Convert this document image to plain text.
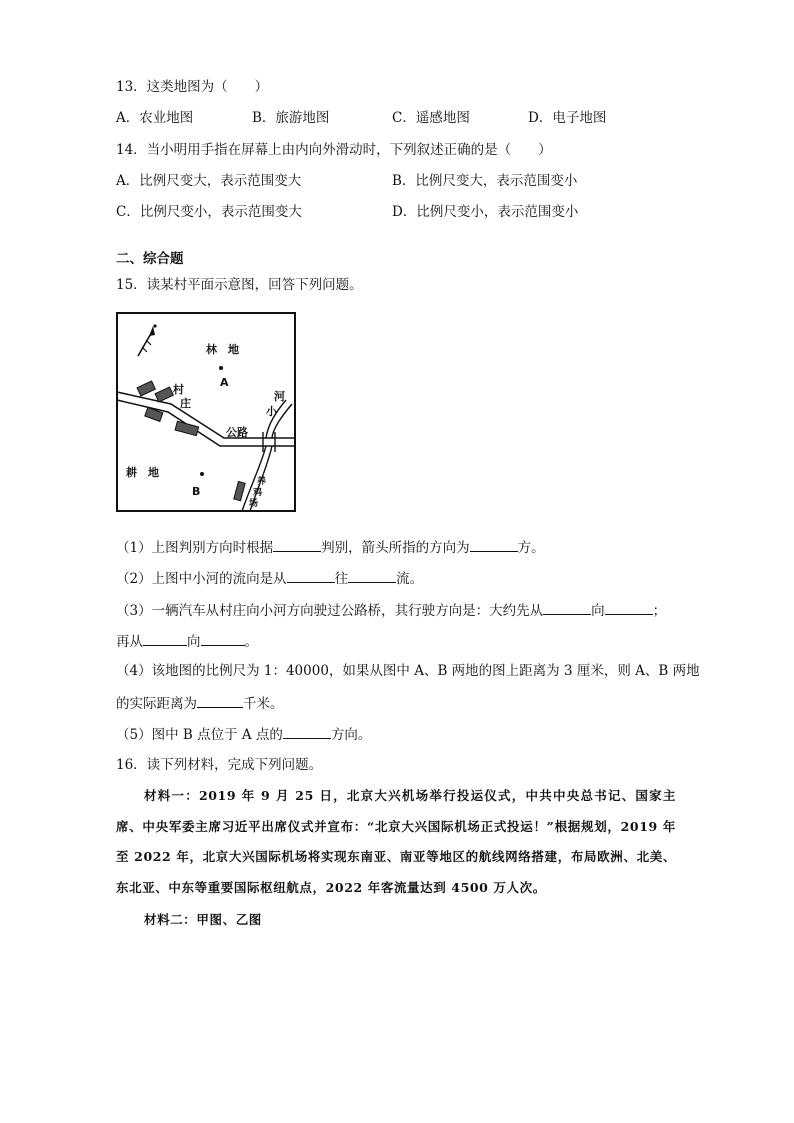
13．这类地图为（　　）
A．农业地图	B．旅游地图	C．遥感地图	D．电子地图
14．当小明用手指在屏幕上由内向外滑动时，下列叙述正确的是（　　）
A．比例尺变大，表示范围变大	B．比例尺变大，表示范围变小
C．比例尺变小，表示范围变大	D．比例尺变小，表示范围变小
二、综合题
15．读某村平面示意图，回答下列问题。
林　地
A
村
庄
河
小
公路
耕　地
B
养
鸡
场
（1）上图判别方向时根据	判别，箭头所指的方向为	方。
（2）上图中小河的流向是从	往	流。
（3）一辆汽车从村庄向小河方向驶过公路桥，其行驶方向是：大约先从	向	；
再从	向	。
（4）该地图的比例尺为 1：40000，如果从图中 A、B 两地的图上距离为 3 厘米，则 A、B 两地
的实际距离为	千米。
（5）图中 B 点位于 A 点的	方向。
16．读下列材料，完成下列问题。
材料一：2019 年 9 月 25 日，北京大兴机场举行投运仪式，中共中央总书记、国家主席、中央军委主席习近平出席仪式并宣布：“北京大兴国际机场正式投运！”根据规划，2019 年至 2022 年，北京大兴国际机场将实现东南亚、南亚等地区的航线网络搭建，布局欧洲、北美、东北亚、中东等重要国际枢纽航点，2022 年客流量达到 4500 万人次。
材料二：甲图、乙图
